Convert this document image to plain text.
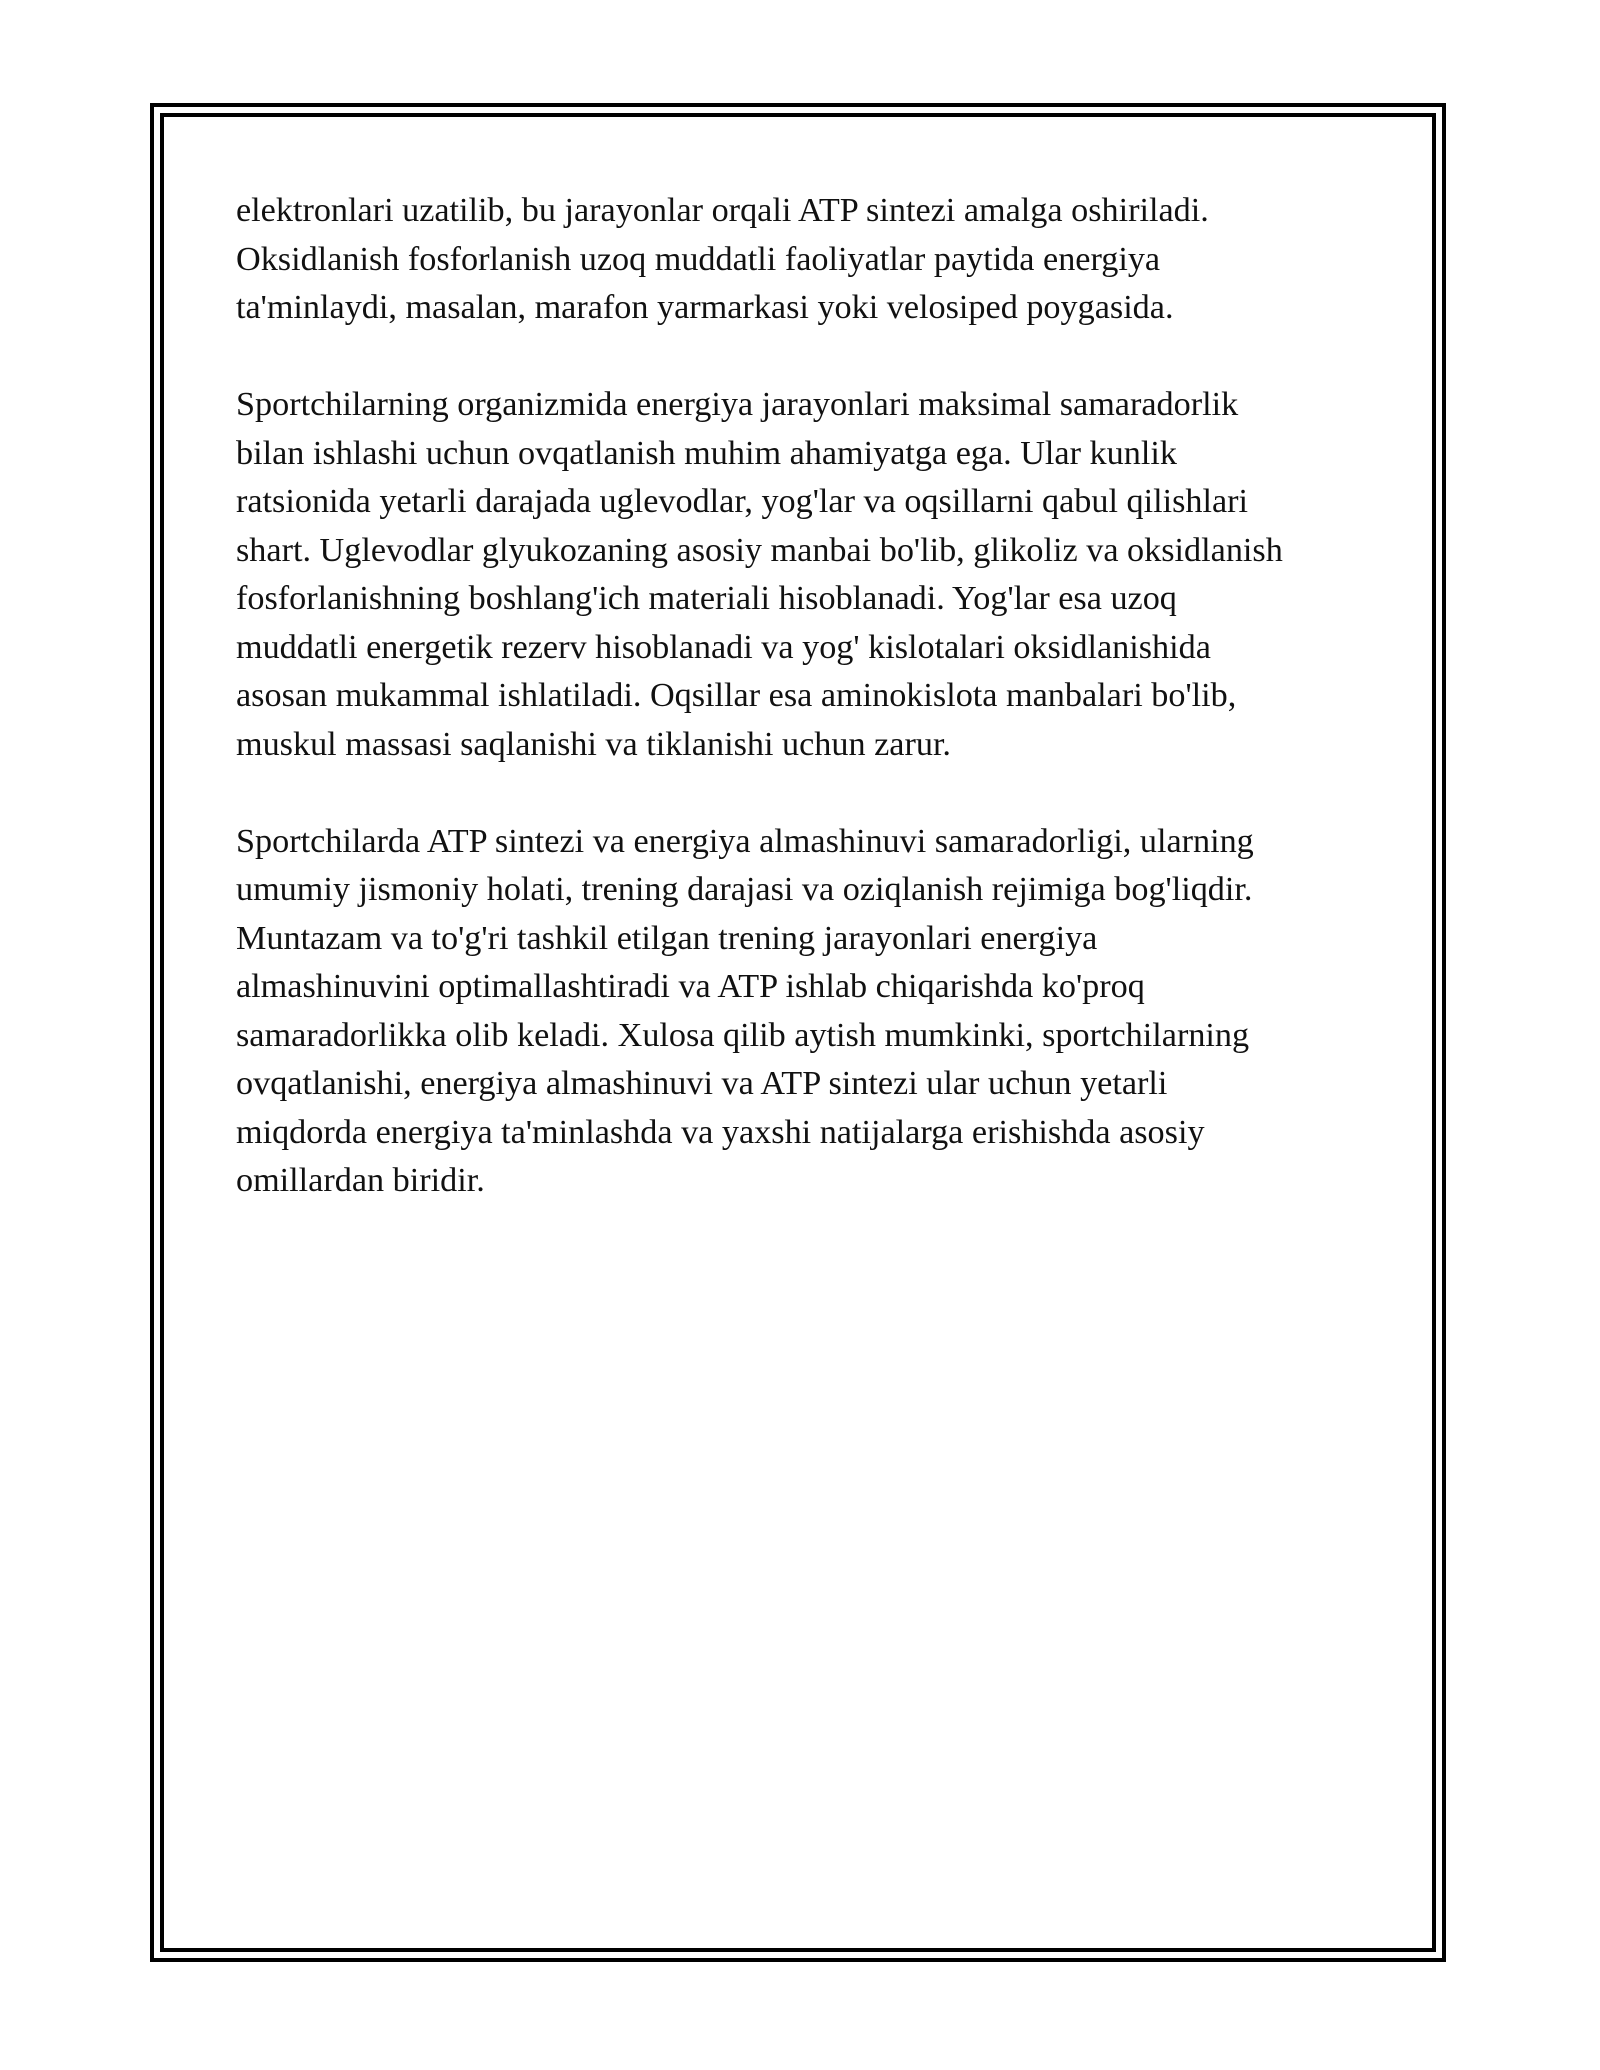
elektronlari uzatilib, bu jarayonlar orqali ATP sintezi amalga oshiriladi.
Oksidlanish fosforlanish uzoq muddatli faoliyatlar paytida energiya
ta'minlaydi, masalan, marafon yarmarkasi yoki velosiped poygasida.

Sportchilarning organizmida energiya jarayonlari maksimal samaradorlik
bilan ishlashi uchun ovqatlanish muhim ahamiyatga ega. Ular kunlik
ratsionida yetarli darajada uglevodlar, yog'lar va oqsillarni qabul qilishlari
shart. Uglevodlar glyukozaning asosiy manbai bo'lib, glikoliz va oksidlanish
fosforlanishning boshlang'ich materiali hisoblanadi. Yog'lar esa uzoq
muddatli energetik rezerv hisoblanadi va yog' kislotalari oksidlanishida
asosan mukammal ishlatiladi. Oqsillar esa aminokislota manbalari bo'lib,
muskul massasi saqlanishi va tiklanishi uchun zarur.

Sportchilarda ATP sintezi va energiya almashinuvi samaradorligi, ularning
umumiy jismoniy holati, trening darajasi va oziqlanish rejimiga bog'liqdir.
Muntazam va to'g'ri tashkil etilgan trening jarayonlari energiya
almashinuvini optimallashtiradi va ATP ishlab chiqarishda ko'proq
samaradorlikka olib keladi. Xulosa qilib aytish mumkinki, sportchilarning
ovqatlanishi, energiya almashinuvi va ATP sintezi ular uchun yetarli
miqdorda energiya ta'minlashda va yaxshi natijalarga erishishda asosiy
omillardan biridir.
